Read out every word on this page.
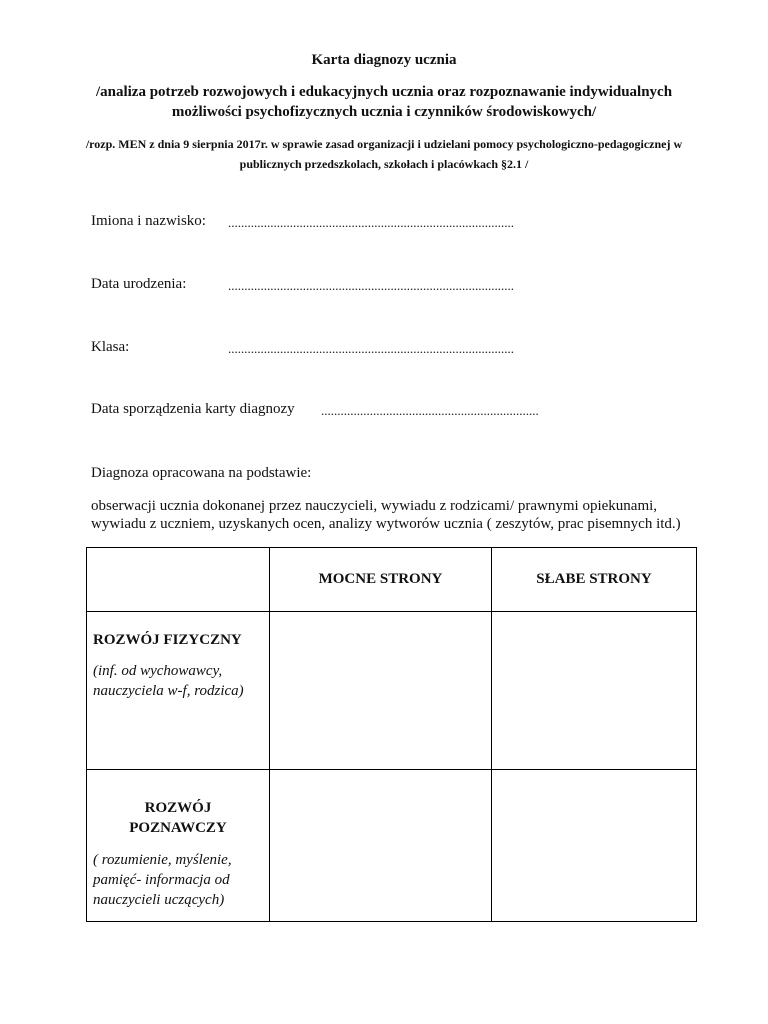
Karta diagnozy ucznia
/analiza potrzeb rozwojowych i edukacyjnych ucznia oraz rozpoznawanie indywidualnych możliwości psychofizycznych ucznia i czynników środowiskowych/
/rozp. MEN z dnia 9 sierpnia 2017r. w sprawie zasad organizacji i udzielani pomocy psychologiczno-pedagogicznej w publicznych przedszkolach, szkołach i placówkach §2.1 /
Imiona i nazwisko: ........................................................................................
Data urodzenia:	........................................................................................
Klasa:	........................................................................................
Data sporządzenia karty diagnozy ...................................................................
Diagnoza opracowana na podstawie:
obserwacji ucznia dokonanej przez nauczycieli, wywiadu z rodzicami/ prawnymi opiekunami, wywiadu z uczniem, uzyskanych ocen, analizy wytworów ucznia ( zeszytów, prac pisemnych itd.)
	MOCNE STRONY	SŁABE STRONY

ROZWÓJ FIZYCZNY
(inf. od wychowawcy, nauczyciela w-f, rodzica)		

ROZWÓJ POZNAWCZY
( rozumienie, myślenie, pamięć- informacja od nauczycieli uczących)		
